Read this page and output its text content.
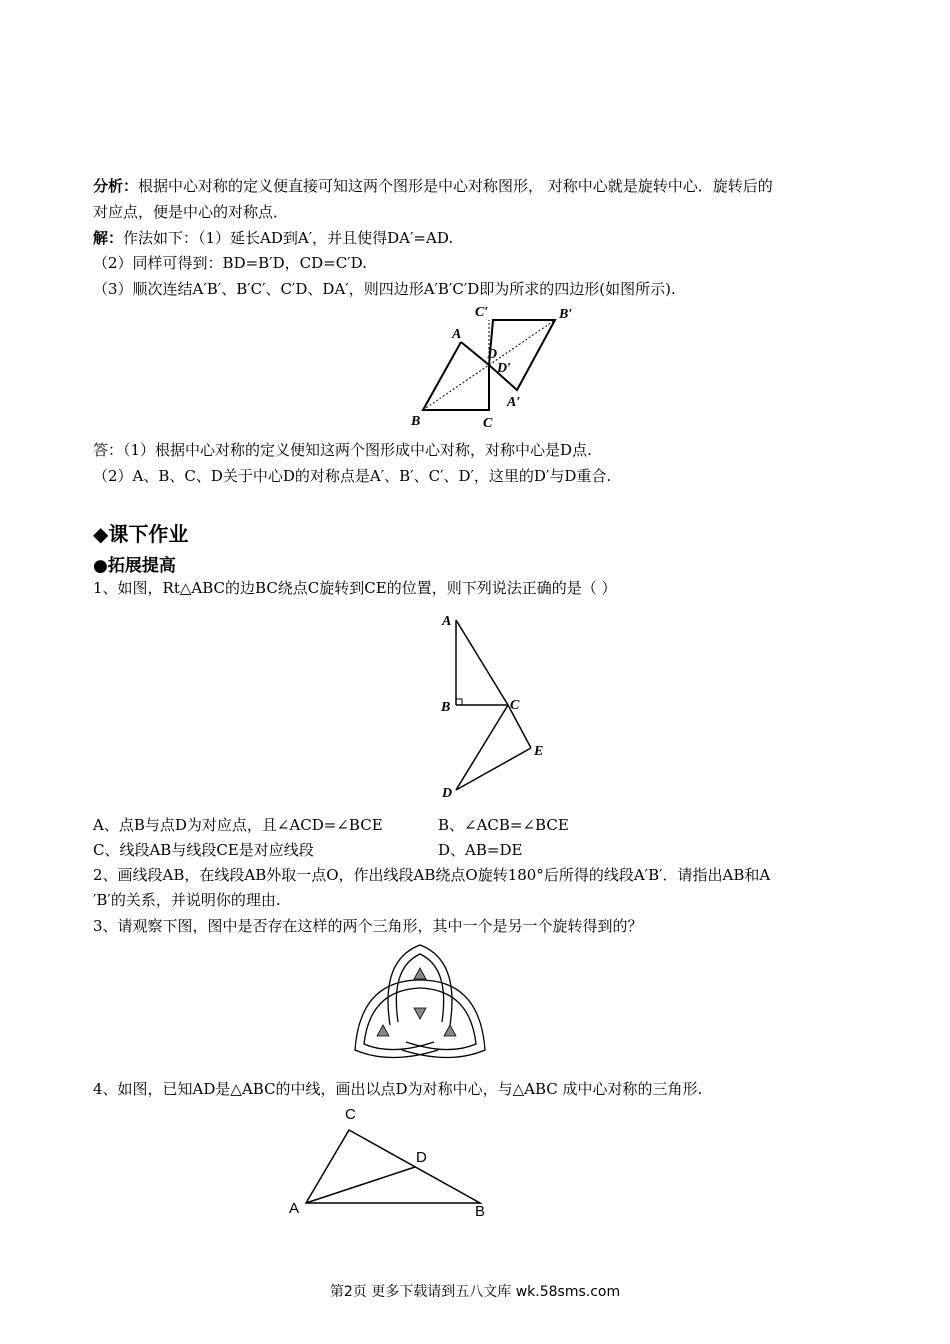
分析：根据中心对称的定义便直接可知这两个图形是中心对称图形， 对称中心就是旋转中心．旋转后的
对应点，便是中心的对称点．
解：作法如下：（1）延长AD到A′，并且使得DA′=AD.
（2）同样可得到：BD=B′D，CD=C′D.
（3）顺次连结A′B′、B′C′、C′D、DA′，则四边形A′B′C′D即为所求的四边形(如图所示).
A
B	C
C′	B′
D
D′
A′
答：（1）根据中心对称的定义便知这两个图形成中心对称，对称中心是D点.
（2）A、B、C、D关于中心D的对称点是A′、B′、C′、D′，这里的D′与D重合.
◆课下作业
●拓展提高
1、如图，Rt△ABC的边BC绕点C旋转到CE的位置，则下列说法正确的是（ ）
A
B	C
D
E
A、点B与点D为对应点，且∠ACD=∠BCE	B、∠ACB=∠BCE
C、线段AB与线段CE是对应线段	D、AB=DE
2、画线段AB，在线段AB外取一点O，作出线段AB绕点O旋转180°后所得的线段A′B′．请指出AB和A
′B′的关系，并说明你的理由.
3、请观察下图，图中是否存在这样的两个三角形，其中一个是另一个旋转得到的？
4、如图，已知AD是△ABC的中线，画出以点D为对称中心，与△ABC 成中心对称的三角形.
A	B
C
D
第2页 更多下载请到五八文库 wk.58sms.com
